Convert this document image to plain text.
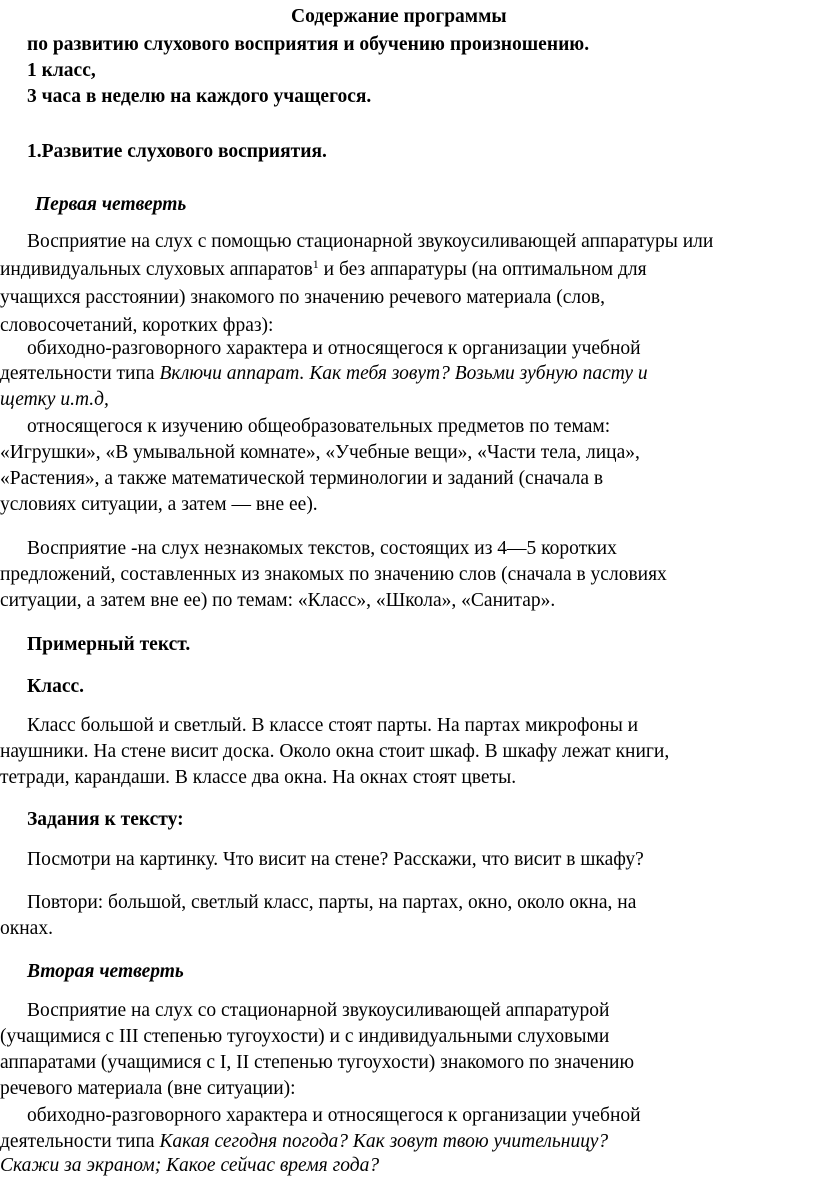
Содержание программы
по развитию слухового восприятия и обучению произношению.
1 класс,
3 часа в неделю на каждого учащегося.
1.Развитие слухового восприятия.
Первая четверть
Восприятие на слух с помощью стационарной звукоусиливающей аппаратуры или
индивидуальных слуховых аппаратов$^1$ и без аппаратуры (на оптимальном для
учащихся расстоянии) знакомого по значению речевого материала (слов,
словосочетаний, коротких фраз):
обиходно-разговорного характера и относящегося к организации учебной
деятельности типа Включи аппарат. Как тебя зовут? Возьми зубную пасту и
щетку и.т.д,
относящегося к изучению общеобразовательных предметов по темам:
«Игрушки», «В умывальной комнате», «Учебные вещи», «Части тела, лица»,
«Растения», а также математической терминологии и заданий (сначала в
условиях ситуации, а затем — вне ее).
Восприятие -на слух незнакомых текстов, состоящих из 4—5 коротких
предложений, составленных из знакомых по значению слов (сначала в условиях
ситуации, а затем вне ее) по темам: «Класс», «Школа», «Санитар».
Примерный текст.
Класс.
Класс большой и светлый. В классе стоят парты. На партах микрофоны и
наушники. На стене висит доска. Около окна стоит шкаф. В шкафу лежат книги,
тетради, карандаши. В классе два окна. На окнах стоят цветы.
Задания к тексту:
Посмотри на картинку. Что висит на стене? Расскажи, что висит в шкафу?
Повтори: большой, светлый класс, парты, на партах, окно, около окна, на
окнах.
Вторая четверть
Восприятие на слух со стационарной звукоусиливающей аппаратурой
(учащимися с III степенью тугоухости) и с индивидуальными слуховыми
аппаратами (учащимися с I, II степенью тугоухости) знакомого по значению
речевого материала (вне ситуации):
обиходно-разговорного характера и относящегося к организации учебной
деятельности типа Какая сегодня погода? Как зовут твою учительницу?
Скажи за экраном; Какое сейчас время года?
